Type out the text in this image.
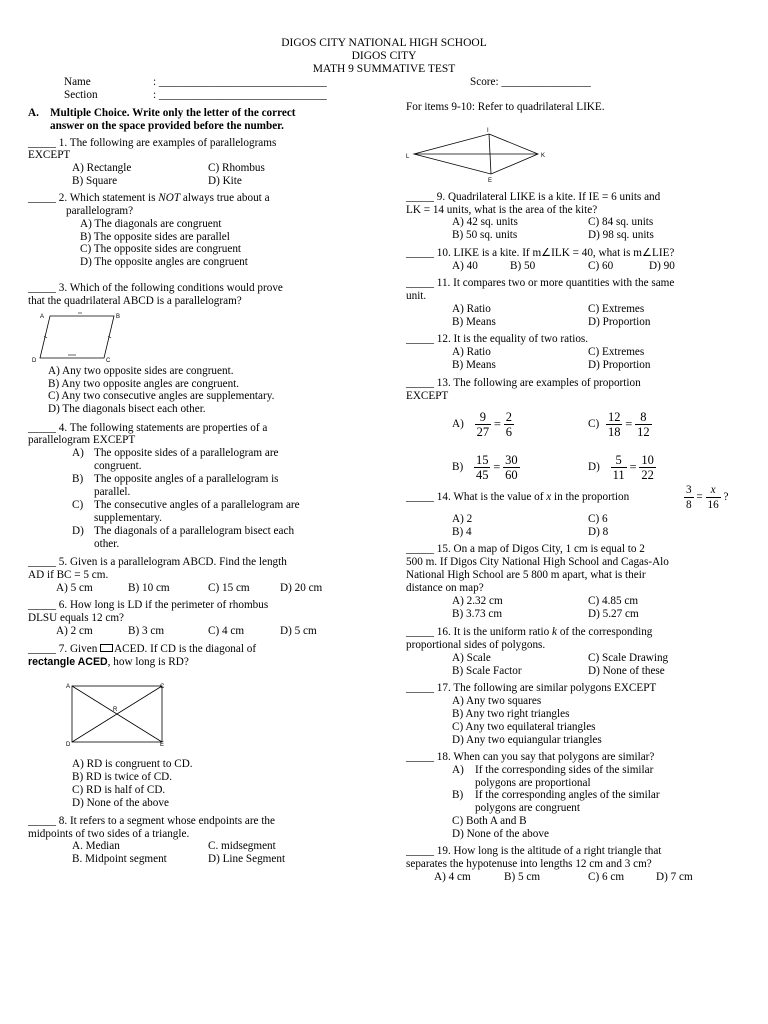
DIGOS CITY NATIONAL HIGH SCHOOL
DIGOS CITY
MATH 9 SUMMATIVE TEST
Name	: ______________________________
Section	: ______________________________
Score: ________________
A. Multiple Choice. Write only the letter of the correct
answer on the space provided before the number.
_____ 1. The following are examples of parallelograms
EXCEPT
A) Rectangle	C) Rhombus
B) Square	D) Kite
_____ 2. Which statement is NOT always true about a
parallelogram?
A) The diagonals are congruent
B) The opposite sides are parallel
C) The opposite sides are congruent
D) The opposite angles are congruent
_____ 3. Which of the following conditions would prove
that the quadrilateral ABCD is a parallelogram?
A	B
C
D
A) Any two opposite sides are congruent.
B) Any two opposite angles are congruent.
C) Any two consecutive angles are supplementary.
D) The diagonals bisect each other.
_____ 4. The following statements are properties of a
parallelogram EXCEPT
A) The opposite sides of a parallelogram are
congruent.
B) The opposite angles of a parallelogram is
parallel.
C) The consecutive angles of a parallelogram are
supplementary.
D) The diagonals of a parallelogram bisect each
other.
_____ 5. Given is a parallelogram ABCD. Find the length
AD if BC = 5 cm.
A) 5 cm	B) 10 cm	C) 15 cm	D) 20 cm
_____ 6. How long is LD if the perimeter of rhombus
DLSU equals 12 cm?
A) 2 cm	B) 3 cm	C) 4 cm	D) 5 cm
_____ 7. Given ACED. If CD is the diagonal of
rectangle ACED, how long is RD?
A	C
R
D	E
A) RD is congruent to CD.
B) RD is twice of CD.
C) RD is half of CD.
D) None of the above
_____ 8. It refers to a segment whose endpoints are the
midpoints of two sides of a triangle.
A. Median	C. midsegment
B. Midpoint segment	D) Line Segment
For items 9-10: Refer to quadrilateral LIKE.
I
L	K
E
_____ 9. Quadrilateral LIKE is a kite. If IE = 6 units and
LK = 14 units, what is the area of the kite?
A) 42 sq. units	C) 84 sq. units
B) 50 sq. units	D) 98 sq. units
_____ 10. LIKE is a kite. If m∠ILK = 40, what is m∠LIE?
A) 40	B) 50	C) 60	D) 90
_____ 11. It compares two or more quantities with the same
unit.
A) Ratio	C) Extremes
B) Means	D) Proportion
_____ 12. It is the equality of two ratios.
A) Ratio	C) Extremes
B) Means	D) Proportion
_____ 13. The following are examples of proportion
EXCEPT
$A) \frac{9}{27} = \frac{2}{6}$	$C) \frac{12}{18} = \frac{8}{12}$
$B) \frac{15}{45} = \frac{30}{60}$	$D) \frac{5}{11} = \frac{10}{22}$
_____ 14. What is the value of x in the proportion	$\frac{3}{8} = \frac{x}{16}$ ?
A) 2	C) 6
B) 4	D) 8
_____ 15. On a map of Digos City, 1 cm is equal to 2
500 m. If Digos City National High School and Cagas-Alo
National High School are 5 800 m apart, what is their
distance on map?
A) 2.32 cm	C) 4.85 cm
B) 3.73 cm	D) 5.27 cm
_____ 16. It is the uniform ratio k of the corresponding
proportional sides of polygons.
A) Scale	C) Scale Drawing
B) Scale Factor	D) None of these
_____ 17. The following are similar polygons EXCEPT
A) Any two squares
B) Any two right triangles
C) Any two equilateral triangles
D) Any two equiangular triangles
_____ 18. When can you say that polygons are similar?
A) If the corresponding sides of the similar
polygons are proportional
B) If the corresponding angles of the similar
polygons are congruent
C) Both A and B
D) None of the above
_____ 19. How long is the altitude of a right triangle that
separates the hypotenuse into lengths 12 cm and 3 cm?
A) 4 cm	B) 5 cm	C) 6 cm	D) 7 cm
